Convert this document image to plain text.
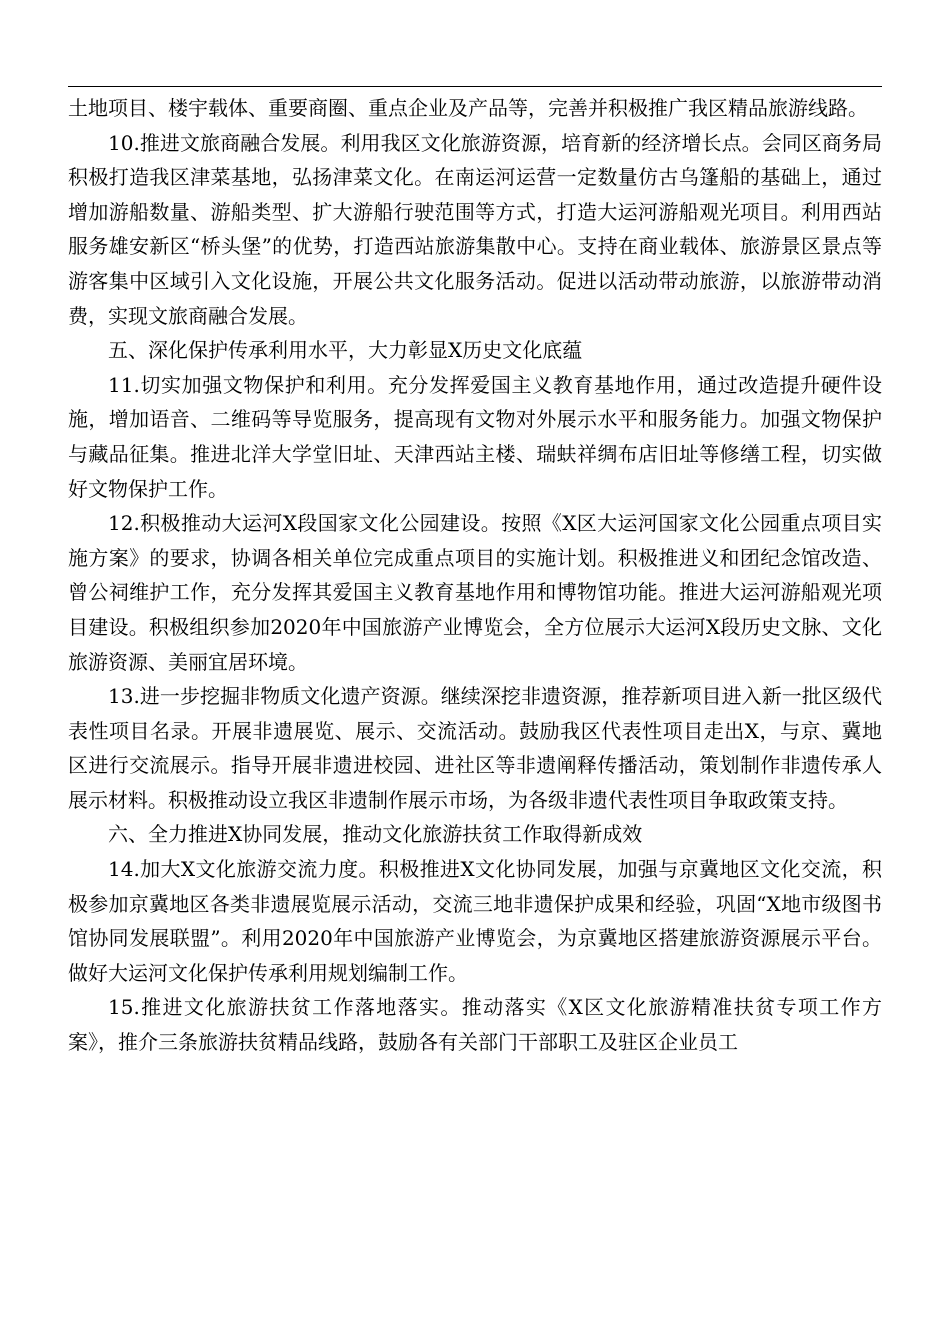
土地项目、楼宇载体、重要商圈、重点企业及产品等，完善并积极推广我区精品旅游线路。

10.推进文旅商融合发展。利用我区文化旅游资源，培育新的经济增长点。会同区商务局积极打造我区津菜基地，弘扬津菜文化。在南运河运营一定数量仿古乌篷船的基础上，通过增加游船数量、游船类型、扩大游船行驶范围等方式，打造大运河游船观光项目。利用西站服务雄安新区“桥头堡”的优势，打造西站旅游集散中心。支持在商业载体、旅游景区景点等游客集中区域引入文化设施，开展公共文化服务活动。促进以活动带动旅游，以旅游带动消费，实现文旅商融合发展。

五、深化保护传承利用水平，大力彰显X历史文化底蕴

11.切实加强文物保护和利用。充分发挥爱国主义教育基地作用，通过改造提升硬件设施，增加语音、二维码等导览服务，提高现有文物对外展示水平和服务能力。加强文物保护与藏品征集。推进北洋大学堂旧址、天津西站主楼、瑞蚨祥绸布店旧址等修缮工程，切实做好文物保护工作。

12.积极推动大运河X段国家文化公园建设。按照《X区大运河国家文化公园重点项目实施方案》的要求，协调各相关单位完成重点项目的实施计划。积极推进义和团纪念馆改造、曾公祠维护工作，充分发挥其爱国主义教育基地作用和博物馆功能。推进大运河游船观光项目建设。积极组织参加2020年中国旅游产业博览会，全方位展示大运河X段历史文脉、文化旅游资源、美丽宜居环境。

13.进一步挖掘非物质文化遗产资源。继续深挖非遗资源，推荐新项目进入新一批区级代表性项目名录。开展非遗展览、展示、交流活动。鼓励我区代表性项目走出X，与京、冀地区进行交流展示。指导开展非遗进校园、进社区等非遗阐释传播活动，策划制作非遗传承人展示材料。积极推动设立我区非遗制作展示市场，为各级非遗代表性项目争取政策支持。

六、全力推进X协同发展，推动文化旅游扶贫工作取得新成效

14.加大X文化旅游交流力度。积极推进X文化协同发展，加强与京冀地区文化交流，积极参加京冀地区各类非遗展览展示活动，交流三地非遗保护成果和经验，巩固“X地市级图书馆协同发展联盟”。利用2020年中国旅游产业博览会，为京冀地区搭建旅游资源展示平台。做好大运河文化保护传承利用规划编制工作。

15.推进文化旅游扶贫工作落地落实。推动落实《X区文化旅游精准扶贫专项工作方案》，推介三条旅游扶贫精品线路，鼓励各有关部门干部职工及驻区企业员工
